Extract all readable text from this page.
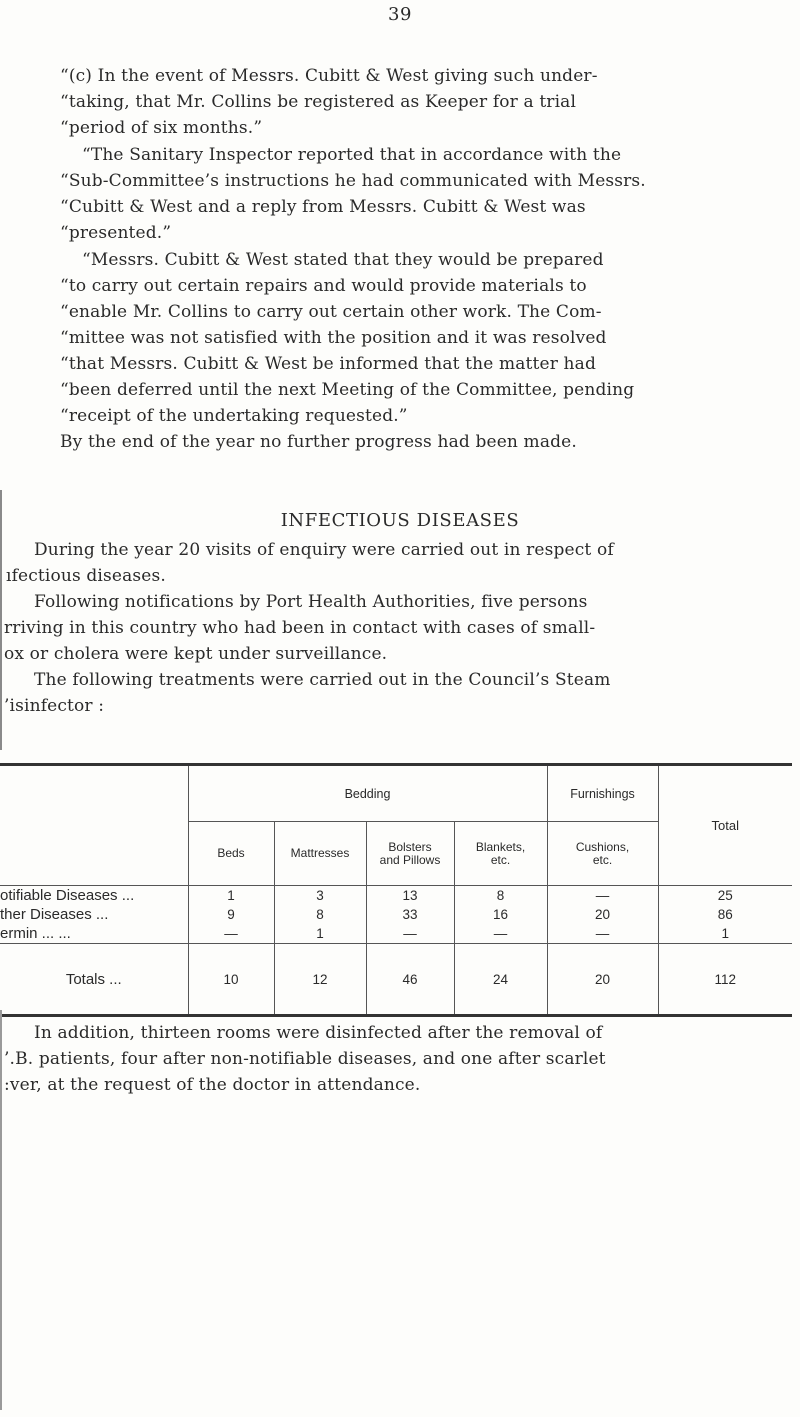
39

“(c) In the event of Messrs. Cubitt & West giving such under-

“taking, that Mr. Collins be registered as Keeper for a trial

“period of six months.”

“The Sanitary Inspector reported that in accordance with the

“Sub-Committee’s instructions he had communicated with Messrs.

“Cubitt & West and a reply from Messrs. Cubitt & West was

“presented.”

“Messrs. Cubitt & West stated that they would be prepared

“to carry out certain repairs and would provide materials to

“enable Mr. Collins to carry out certain other work. The Com-

“mittee was not satisfied with the position and it was resolved

“that Messrs. Cubitt & West be informed that the matter had

“been deferred until the next Meeting of the Committee, pending

“receipt of the undertaking requested.”

By the end of the year no further progress had been made.

INFECTIOUS DISEASES

During the year 20 visits of enquiry were carried out in respect of

ıfectious diseases.

Following notifications by Port Health Authorities, five persons

rriving in this country who had been in contact with cases of small-

ox or cholera were kept under surveillance.

The following treatments were carried out in the Council’s Steam

’isinfector :

	Bedding				Furnishings	Total
	Beds	Mattresses	Bolsters
and Pillows	Blankets,
etc.	Cushions,
etc.	
otifiable Diseases ...	1	3	13	8	—	25
ther Diseases ...	9	8	33	16	20	86
ermin ... ...	—	1	—	—	—	1
Totals ...	10	12	46	24	20	112

In addition, thirteen rooms were disinfected after the removal of

’.B. patients, four after non-notifiable diseases, and one after scarlet

:ver, at the request of the doctor in attendance.
